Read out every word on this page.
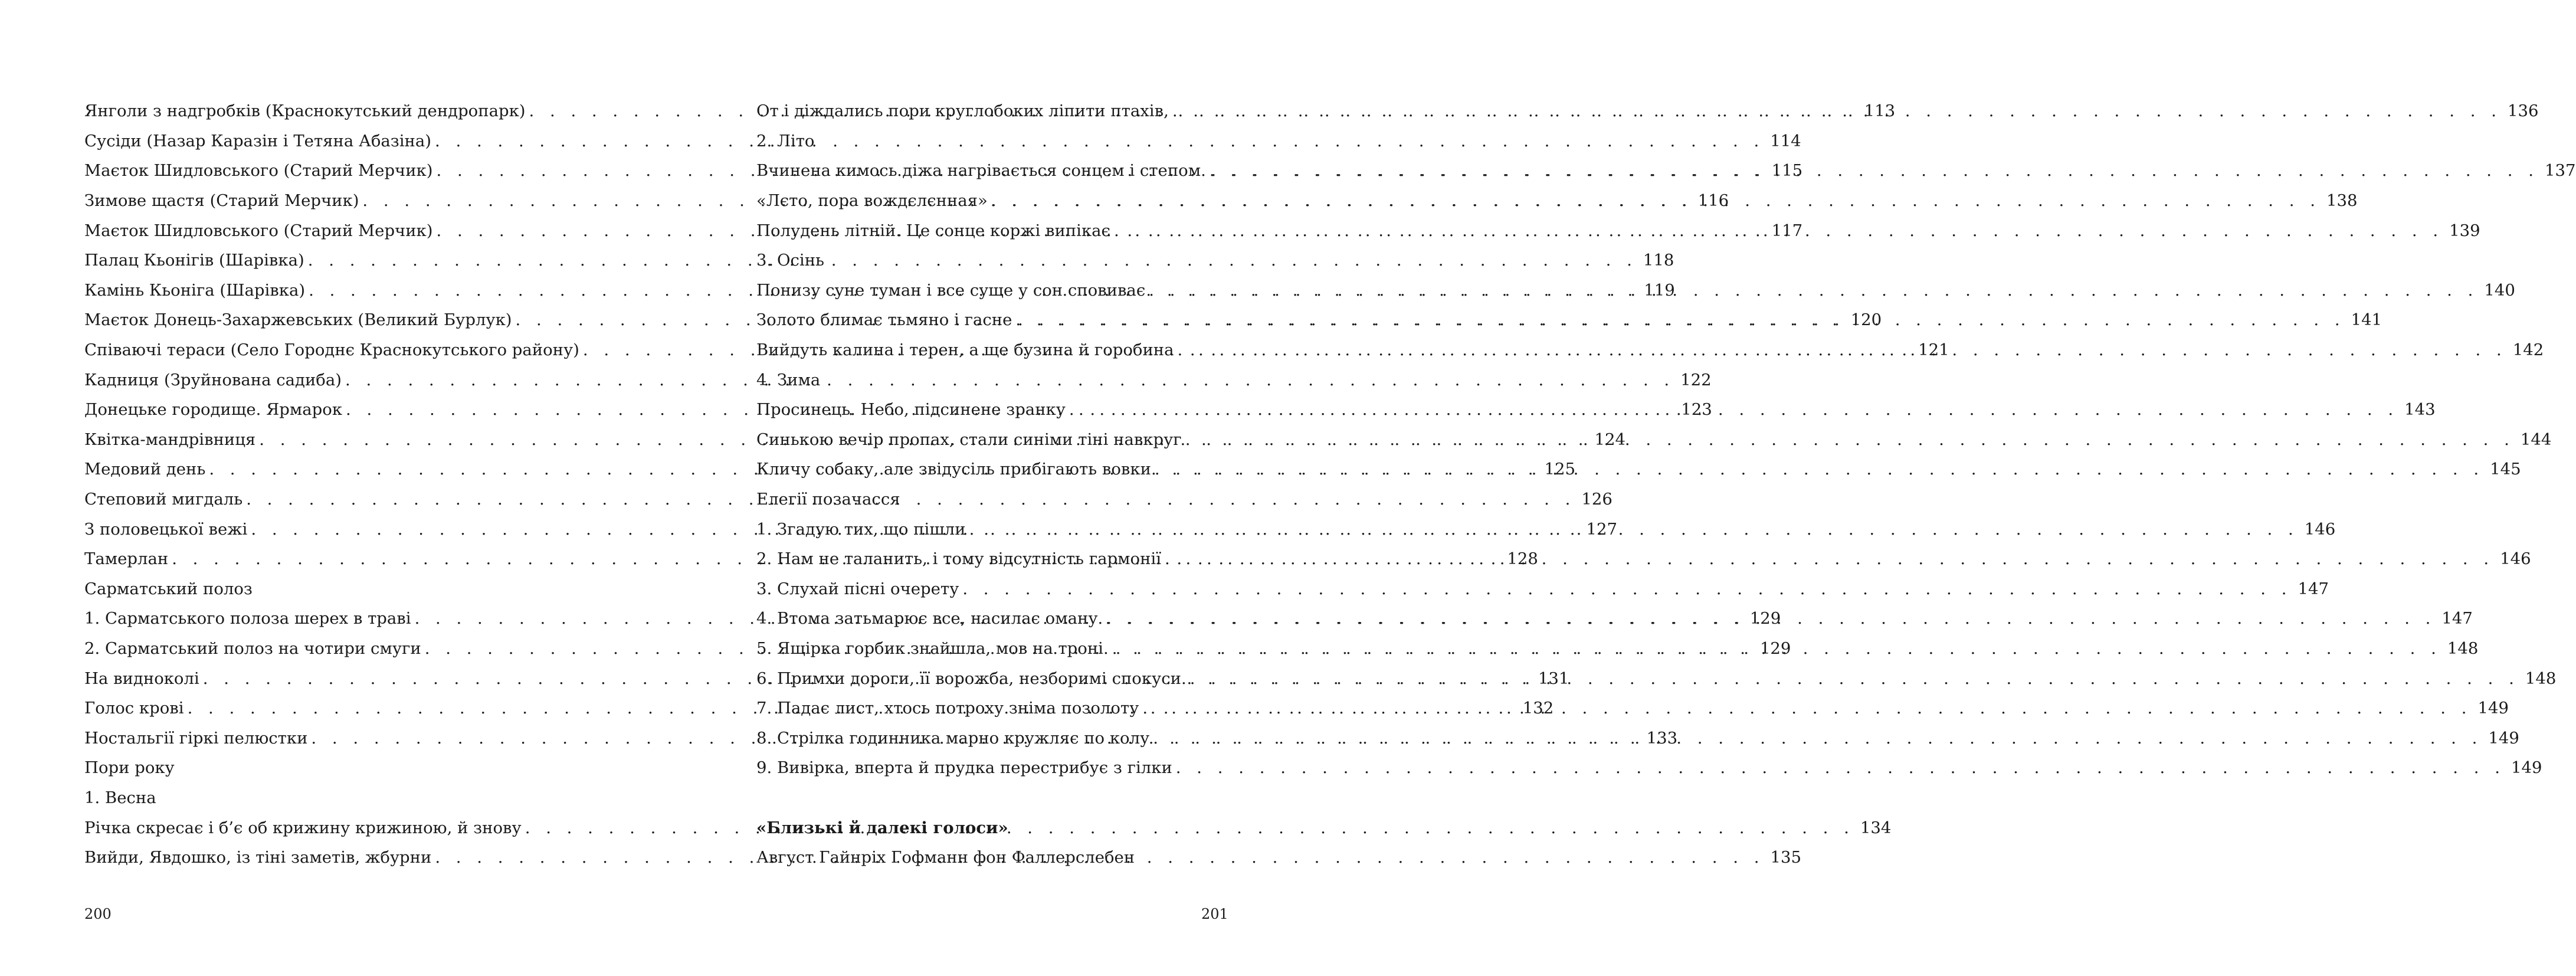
Янголи з надгробків (Краснокутський дендропарк) . . .	113
Сусіди (Назар Каразін і Тетяна Абазіна) . . .	114
Маєток Шидловського (Старий Мерчик) . . .	115
Зимове щастя (Старий Мерчик) . . .	116
Маєток Шидловського (Старий Мерчик) . . .	117
Палац Кьонігів (Шарівка) . . .	118
Камінь Кьоніга (Шарівка) . . .	119
Маєток Донець-Захаржевських (Великий Бурлук) . . .	120
Співаючі тераси (Село Городнє Краснокутського району) . . .	121
Кадниця (Зруйнована садиба) . . .	122
Донецьке городище. Ярмарок . . .	123
Квітка-мандрівниця . . .	124
Медовий день . . .	125
Степовий мигдаль . . .	126
З половецької вежі . . .	127
Тамерлан . . .	128
Сарматський полоз
1. Сарматського полоза шерех в траві . . .	129
2. Сарматський полоз на чотири смуги . . .	129
На видноколі . . .	131
Голос крові . . .	132
Ностальгії гіркі пелюстки . . .	133
Пори року
1. Весна
Річка скресає і б’є об крижину крижиною, й знову . . .	134
Вийди, Явдошко, із тіні заметів, жбурни . . .	135
От і діждались пори круглобоких ліпити птахів, . . .	136
2. Літо
Вчинена кимось діжа нагрівається сонцем і степом. . . .	137
«Лєто, пора вождєлєнная» . . .	138
Полудень літній. Це сонце коржі випікає . . .	139
3. Осінь
Понизу суне туман і все суще у сон сповиває . . .	140
Золото блимає тьмяно і гасне . . .	141
Вийдуть калина і терен, а ще бузина й горобина . . .	142
4. Зима
Просинець. Небо, підсинене зранку . . .	143
Синькою вечір пропах, стали синіми тіні навкруг . . .	144
Кличу собаку, але звідусіль прибігають вовки . . .	145
Елегії позачасся
1. Згадую тих, що пішли . . .	146
2. Нам не таланить, і тому відсутність гармонії . . .	146
3. Слухай пісні очерету . . .	147
4. Втома затьмарює все, насилає оману. . . .	147
5. Ящірка горбик знайшла, мов на троні. . . .	148
6. Примхи дороги, її ворожба, незборимі спокуси. . . .	148
7. Падає лист, хтось потроху зніма позолоту . . .	149
8. Стрілка годинника марно кружляє по колу . . .	149
9. Вивірка, вперта й прудка перестрибує з гілки . . .	149
«Близькі й далекі голоси»
Август Гайнріх Гофманн фон Фаллерслебен
200	201
